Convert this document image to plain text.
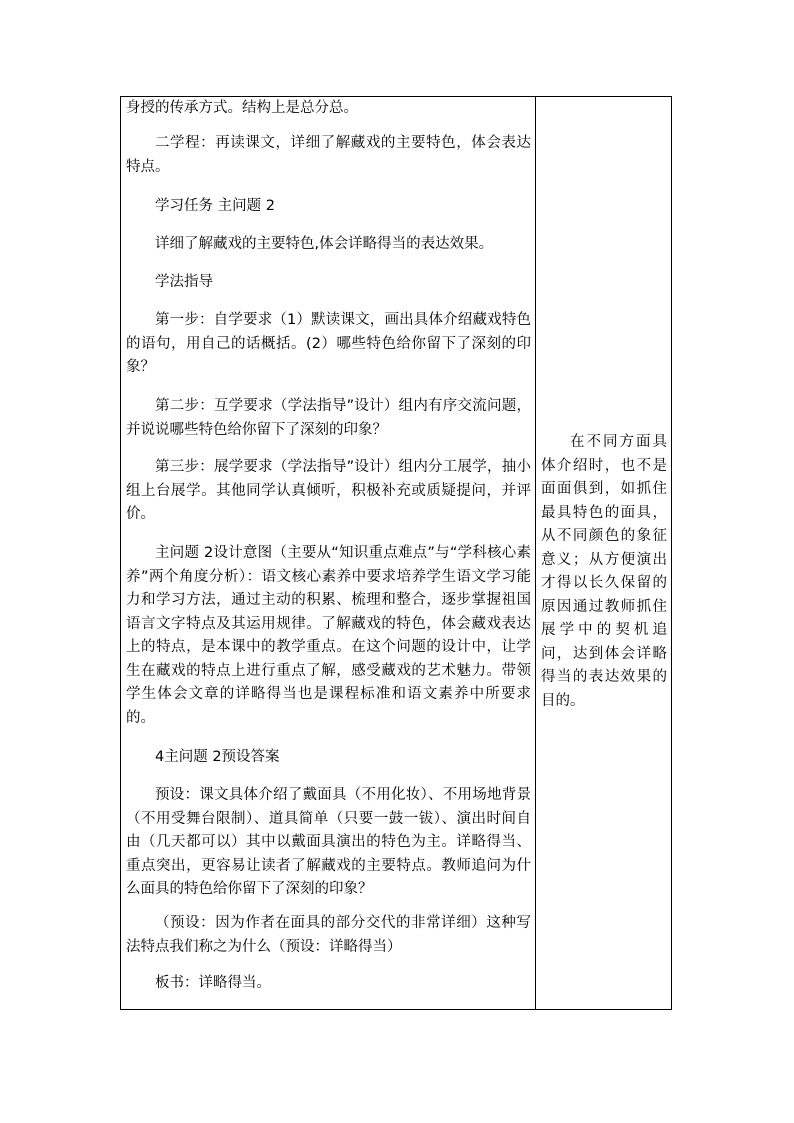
身授的传承方式。结构上是总分总。

二学程：再读课文，详细了解藏戏的主要特色，体会表达特点。

学习任务 主问题 2

详细了解藏戏的主要特色,体会详略得当的表达效果。

学法指导

第一步：自学要求（1）默读课文，画出具体介绍藏戏特色的语句，用自己的话概括。(2）哪些特色给你留下了深刻的印象？

第二步：互学要求（学法指导”设计）组内有序交流问题，并说说哪些特色给你留下了深刻的印象？

第三步：展学要求（学法指导”设计）组内分工展学，抽小组上台展学。其他同学认真倾听，积极补充或质疑提问，并评价。

主问题 2设计意图（主要从“知识重点难点”与“学科核心素养”两个角度分析）：语文核心素养中要求培养学生语文学习能力和学习方法，通过主动的积累、梳理和整合，逐步掌握祖国语言文字特点及其运用规律。了解藏戏的特色，体会藏戏表达上的特点，是本课中的教学重点。在这个问题的设计中，让学生在藏戏的特点上进行重点了解，感受藏戏的艺术魅力。带领学生体会文章的详略得当也是课程标准和语文素养中所要求的。

4主问题 2预设答案

预设：课文具体介绍了戴面具（不用化妆）、不用场地背景（不用受舞台限制）、道具简单（只要一鼓一钹）、演出时间自由（几天都可以）其中以戴面具演出的特色为主。详略得当、重点突出，更容易让读者了解藏戏的主要特点。教师追问为什么面具的特色给你留下了深刻的印象？

（预设：因为作者在面具的部分交代的非常详细）这种写法特点我们称之为什么（预设：详略得当）

板书：详略得当。

在不同方面具体介绍时，也不是面面俱到，如抓住最具特色的面具，从不同颜色的象征意义；从方便演出才得以长久保留的原因通过教师抓住展学中的契机追问，达到体会详略得当的表达效果的目的。
